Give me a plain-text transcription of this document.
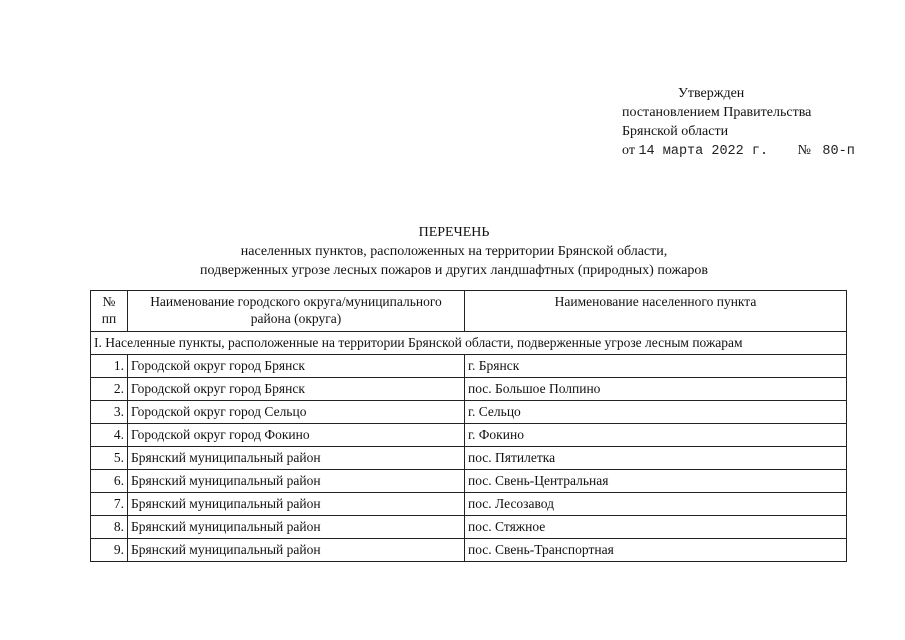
Утвержден
постановлением Правительства
Брянской области
от 14 марта 2022 г. № 80-п
ПЕРЕЧЕНЬ
населенных пунктов, расположенных на территории Брянской области,
подверженных угрозе лесных пожаров и других ландшафтных (природных) пожаров
№ пп	Наименование городского округа/муниципального района (округа)	Наименование населенного пункта
I. Населенные пункты, расположенные на территории Брянской области, подверженные угрозе лесным пожарам		
1.	Городской округ город Брянск	г. Брянск
2.	Городской округ город Брянск	пос. Большое Полпино
3.	Городской округ город Сельцо	г. Сельцо
4.	Городской округ город Фокино	г. Фокино
5.	Брянский муниципальный район	пос. Пятилетка
6.	Брянский муниципальный район	пос. Свень-Центральная
7.	Брянский муниципальный район	пос. Лесозавод
8.	Брянский муниципальный район	пос. Стяжное
9.	Брянский муниципальный район	пос. Свень-Транспортная
